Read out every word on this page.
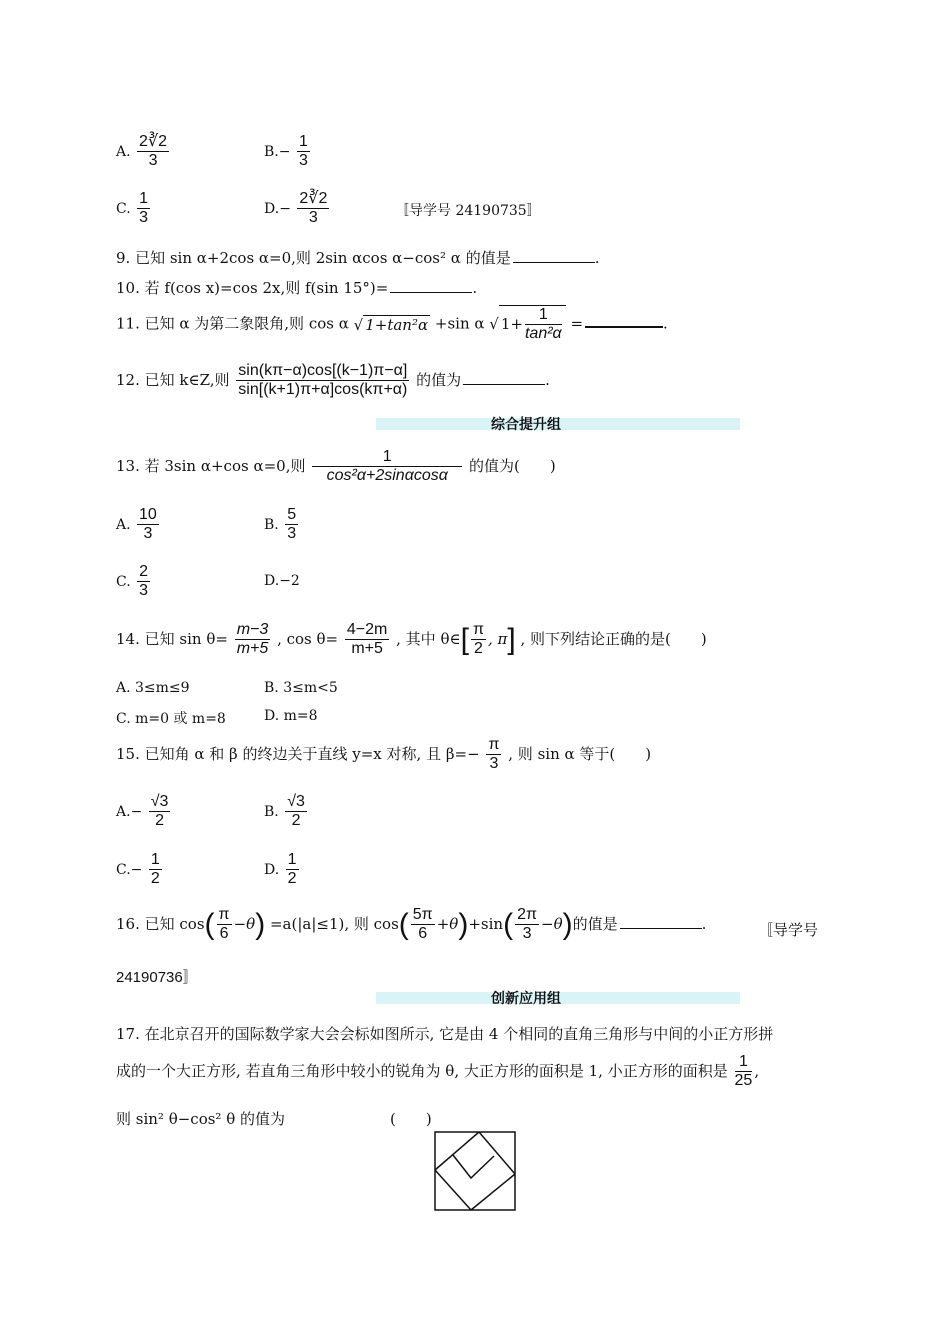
A. $\frac{2∛2}{3}$	$B.- \frac{1}{3}$
C. $\frac{1}{3}$	$D.- \frac{2∛2}{3}$	〚导学号 24190735〛
9. 已知 sin α+2cos α=0,则 2sin αcos α−cos² α 的值是	.
10. 若 f(cos x)=cos 2x,则 f(sin 15°)=	.
11. 已知 α 为第二象限角,则 cos α √ 1+tan²α +sin α √ $1+ \frac{1}{\text{tan²α}}$ =	.
12. 已知 k∈Z,则 $\frac{\sin(k\pi-\alpha)\cos[(k-1)\pi-\alpha]}{\sin[(k+1)\pi+\alpha]\cos(k\pi+\alpha)}$ 的值为	.
综合提升组
13. 若 3sin α+cos α=0,则 $\frac{1}{\text{cos²α+2sinαcosα}}$ 的值为(　　)
A. $\frac{10}{3}$	B. $\frac{5}{3}$
C. $\frac{2}{3}$	D.−2
14. 已知 $\sin \theta= \frac{m-3}{m+5}$ , $\cos \theta= \frac{4-2m}{m+5}$ , 其中 θ∈[ $\frac{\pi}{2}$ , π] , 则下列结论正确的是(　　)
A. 3≤m≤9	B. 3≤m<5
C. m=0 或 m=8	D. m=8
15. 已知角 α 和 β 的终边关于直线 y=x 对称, 且 $\beta=- \frac{\pi}{3}$ , 则 sin α 等于(　　)
$A.- \frac{√3}{2}$	B. $\frac{√3}{2}$
$C.- \frac{1}{2}$	D. $\frac{1}{2}$
16. 已知 $\cos( \frac{\pi}{6} -\theta) =a(|a|\le 1)$, 则 $\cos( \frac{5\pi}{6} +\theta)+\sin( \frac{2\pi}{3} -\theta)$的值是	.	〚导学号
24190736〛
创新应用组
17. 在北京召开的国际数学家大会会标如图所示, 它是由 4 个相同的直角三角形与中间的小正方形拼
成的一个大正方形, 若直角三角形中较小的锐角为 θ, 大正方形的面积是 1, 小正方形的面积是 $\frac{1}{25}$ ,
则 sin² θ−cos² θ 的值为	(　　)
